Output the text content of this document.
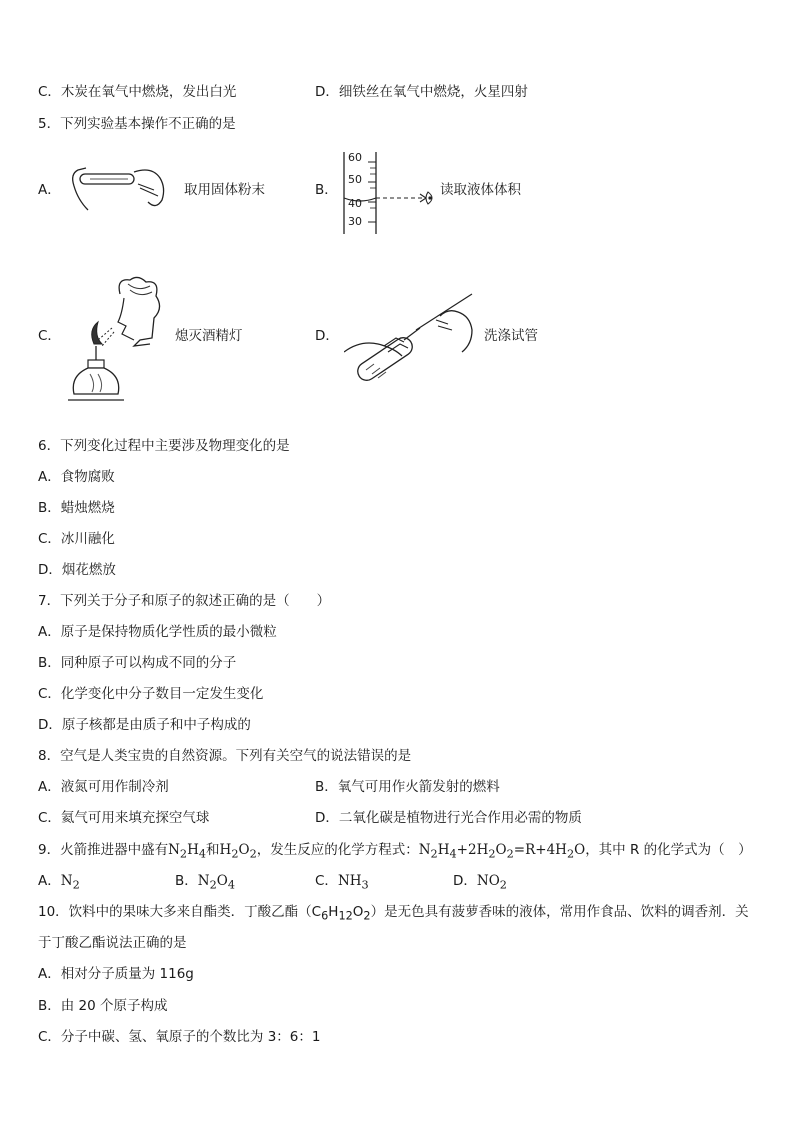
C．木炭在氧气中燃烧，发出白光	D．细铁丝在氧气中燃烧，火星四射
5．下列实验基本操作不正确的是
A．	取用固体粉末	B．
60
50
40
30
读取液体体积
C．	熄灭酒精灯	D．	洗涤试管
6．下列变化过程中主要涉及物理变化的是
A．食物腐败
B．蜡烛燃烧
C．冰川融化
D．烟花燃放
7．下列关于分子和原子的叙述正确的是（　　）
A．原子是保持物质化学性质的最小微粒
B．同种原子可以构成不同的分子
C．化学变化中分子数目一定发生变化
D．原子核都是由质子和中子构成的
8．空气是人类宝贵的自然资源。下列有关空气的说法错误的是
A．液氮可用作制冷剂	B．氧气可用作火箭发射的燃料
C．氦气可用来填充探空气球	D．二氧化碳是植物进行光合作用必需的物质
9．火箭推进器中盛有$N_2H_4$和$H_2O_2$，发生反应的化学方程式：$N_2H_4+2H_2O_2=R+4H_2O$，其中 R 的化学式为（　）
A．$N_2$	B．$N_2O_4$	C．$NH_3$	D．$NO_2$
10．饮料中的果味大多来自酯类．丁酸乙酯$(C_6H_{12}O_2)$是无色具有菠萝香味的液体，常用作食品、饮料的调香剂．关
于丁酸乙酯说法正确的是
A．相对分子质量为 116g
B．由 20 个原子构成
C．分子中碳、氢、氧原子的个数比为 3：6：1
